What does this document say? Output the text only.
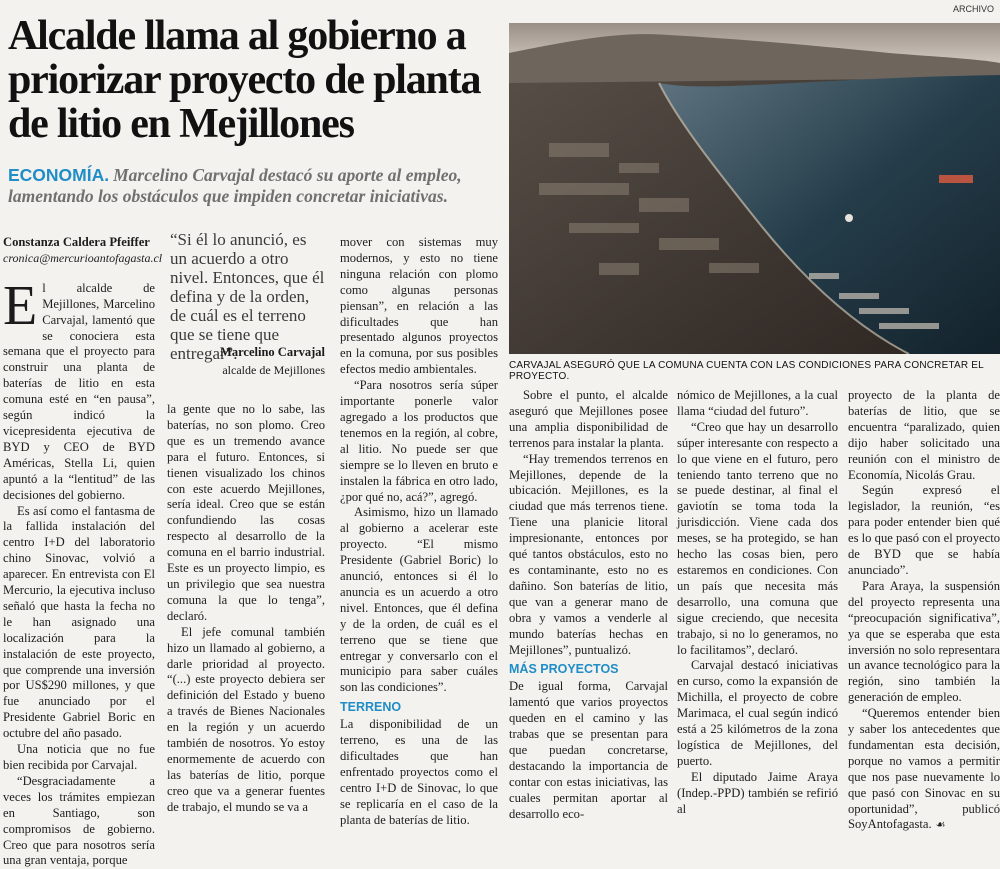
Alcalde llama al gobierno a priorizar proyecto de planta de litio en Mejillones
ECONOMÍA. Marcelino Carvajal destacó su aporte al empleo, lamentando los obstáculos que impiden concretar iniciativas.
ARCHIVO
CARVAJAL ASEGURÓ QUE LA COMUNA CUENTA CON LAS CONDICIONES PARA CONCRETAR EL PROYECTO.
Constanza Caldera Pfeiffer
cronica@mercurioantofagasta.cl

El alcalde de Mejillones, Marcelino Carvajal, lamentó que se conociera esta semana que el proyecto para construir una planta de baterías de litio en esta comuna esté en “en pausa”, según indicó la vicepresidenta ejecutiva de BYD y CEO de BYD Américas, Stella Li, quien apuntó a la “lentitud” de las decisiones del gobierno.

Es así como el fantasma de la fallida instalación del centro I+D del laboratorio chino Sinovac, volvió a aparecer. En entrevista con El Mercurio, la ejecutiva incluso señaló que hasta la fecha no le han asignado una localización para la instalación de este proyecto, que comprende una inversión por US$290 millones, y que fue anunciado por el Presidente Gabriel Boric en octubre del año pasado.

Una noticia que no fue bien recibida por Carvajal.

“Desgraciadamente a veces los trámites empiezan en Santiago, son compromisos de gobierno. Creo que para nosotros sería una gran ventaja, porque

“Si él lo anunció, es un acuerdo a otro nivel. Entonces, que él defina y de la orden, de cuál es el terreno que se tiene que entregar”.
Marcelino Carvajal
alcalde de Mejillones

la gente que no lo sabe, las baterías, no son plomo. Creo que es un tremendo avance para el futuro. Entonces, si tienen visualizado los chinos con este acuerdo Mejillones, sería ideal. Creo que se están confundiendo las cosas respecto al desarrollo de la comuna en el barrio industrial. Este es un proyecto limpio, es un privilegio que sea nuestra comuna la que lo tenga”, declaró.

El jefe comunal también hizo un llamado al gobierno, a darle prioridad al proyecto. “(...) este proyecto debiera ser definición del Estado y bueno a través de Bienes Nacionales en la región y un acuerdo también de nosotros. Yo estoy enormemente de acuerdo con las baterías de litio, porque creo que va a generar fuentes de trabajo, el mundo se va a

mover con sistemas muy modernos, y esto no tiene ninguna relación con plomo como algunas personas piensan”, en relación a las dificultades que han presentado algunos proyectos en la comuna, por sus posibles efectos medio ambientales.

“Para nosotros sería súper importante ponerle valor agregado a los productos que tenemos en la región, al cobre, al litio. No puede ser que siempre se lo lleven en bruto e instalen la fábrica en otro lado, ¿por qué no, acá?”, agregó.

Asimismo, hizo un llamado al gobierno a acelerar este proyecto. “El mismo Presidente (Gabriel Boric) lo anunció, entonces si él lo anuncia es un acuerdo a otro nivel. Entonces, que él defina y de la orden, de cuál es el terreno que se tiene que entregar y conversarlo con el municipio para saber cuáles son las condiciones”.

TERRENO

La disponibilidad de un terreno, es una de las dificultades que han enfrentado proyectos como el centro I+D de Sinovac, lo que se replicaría en el caso de la planta de baterías de litio.

Sobre el punto, el alcalde aseguró que Mejillones posee una amplia disponibilidad de terrenos para instalar la planta.

“Hay tremendos terrenos en Mejillones, depende de la ubicación. Mejillones, es la ciudad que más terrenos tiene. Tiene una planicie litoral impresionante, entonces por qué tantos obstáculos, esto no es contaminante, esto no es dañino. Son baterías de litio, que van a generar mano de obra y vamos a venderle al mundo baterías hechas en Mejillones”, puntualizó.

MÁS PROYECTOS

De igual forma, Carvajal lamentó que varios proyectos queden en el camino y las trabas que se presentan para que puedan concretarse, destacando la importancia de contar con estas iniciativas, las cuales permitan aportar al desarrollo eco-

nómico de Mejillones, a la cual llama “ciudad del futuro”.

“Creo que hay un desarrollo súper interesante con respecto a lo que viene en el futuro, pero teniendo tanto terreno que no se puede destinar, al final el gaviotín se toma toda la jurisdicción. Viene cada dos meses, se ha protegido, se han hecho las cosas bien, pero estaremos en condiciones. Con un país que necesita más desarrollo, una comuna que sigue creciendo, que necesita trabajo, si no lo generamos, no lo facilitamos”, declaró.

Carvajal destacó iniciativas en curso, como la expansión de Michilla, el proyecto de cobre Marimaca, el cual según indicó está a 25 kilómetros de la zona logística de Mejillones, del puerto.

El diputado Jaime Araya (Indep.-PPD) también se refirió al

proyecto de la planta de baterías de litio, que se encuentra “paralizado, quien dijo haber solicitado una reunión con el ministro de Economía, Nicolás Grau.

Según expresó el legislador, la reunión, “es para poder entender bien qué es lo que pasó con el proyecto de BYD que se había anunciado”.

Para Araya, la suspensión del proyecto representa una “preocupación significativa”, ya que se esperaba que esta inversión no solo representara un avance tecnológico para la región, sino también la generación de empleo.

“Queremos entender bien y saber los antecedentes que fundamentan esta decisión, porque no vamos a permitir que nos pase nuevamente lo que pasó con Sinovac en su oportunidad”, publicó SoyAntofagasta. ☙
